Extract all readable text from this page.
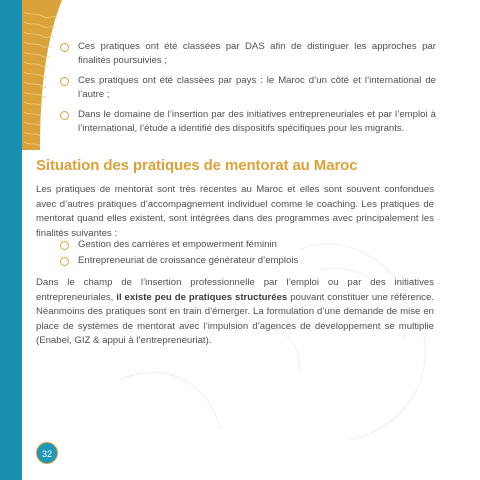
Ces pratiques ont été classées par DAS afin de distinguer les approches par finalités poursuivies ;
Ces pratiques ont été classées par pays : le Maroc d’un côté et l’international de l’autre ;
Dans le domaine de l’insertion par des initiatives entrepreneuriales et par l’emploi à l’international, l’étude a identifié des dispositifs spécifiques pour les migrants.
Situation des pratiques de mentorat au Maroc
Les pratiques de mentorat sont très récentes au Maroc et elles sont souvent confondues avec d’autres pratiques d’accompagnement individuel comme le coaching. Les pratiques de mentorat quand elles existent, sont intégrées dans des programmes avec principalement les finalités suivantes :
Gestion des carrières et empowerment féminin
Entrepreneuriat de croissance générateur d’emplois
Dans le champ de l’insertion professionnelle par l’emploi ou par des initiatives entrepreneuriales, il existe peu de pratiques structurées pouvant constituer une référence. Néanmoins des pratiques sont en train d’émerger. La formulation d’une demande de mise en place de systèmes de mentorat avec l’impulsion d’agences de développement se multiplie (Enabel, GIZ & appui à l’entrepreneuriat).
32
